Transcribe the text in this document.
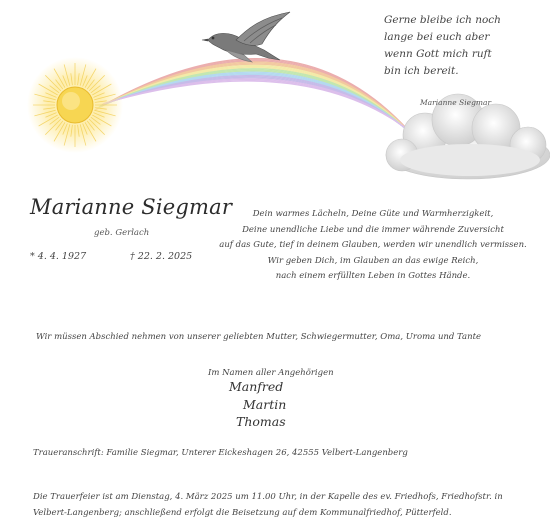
Gerne bleibe ich noch
lange bei euch aber
wenn Gott mich ruft
bin ich bereit.
Marianne Siegmar
Marianne Siegmar
geb. Gerlach
* 4. 4. 1927	† 22. 2. 2025
Dein warmes Lächeln, Deine Güte und Warmherzigkeit,
Deine unendliche Liebe und die immer währende Zuversicht
auf das Gute, tief in deinem Glauben, werden wir unendlich vermissen.
Wir geben Dich, im Glauben an das ewige Reich,
nach einem erfüllten Leben in Gottes Hände.
Wir müssen Abschied nehmen von unserer geliebten Mutter, Schwiegermutter, Oma, Uroma und Tante
Im Namen aller Angehörigen
Manfred
Martin
Thomas
Traueranschrift: Familie Siegmar, Unterer Eickeshagen 26, 42555 Velbert-Langenberg
Die Trauerfeier ist am Dienstag, 4. März 2025 um 11.00 Uhr, in der Kapelle des ev. Friedhofs, Friedhofstr. in
Velbert-Langenberg; anschließend erfolgt die Beisetzung auf dem Kommunalfriedhof, Pütterfeld.
